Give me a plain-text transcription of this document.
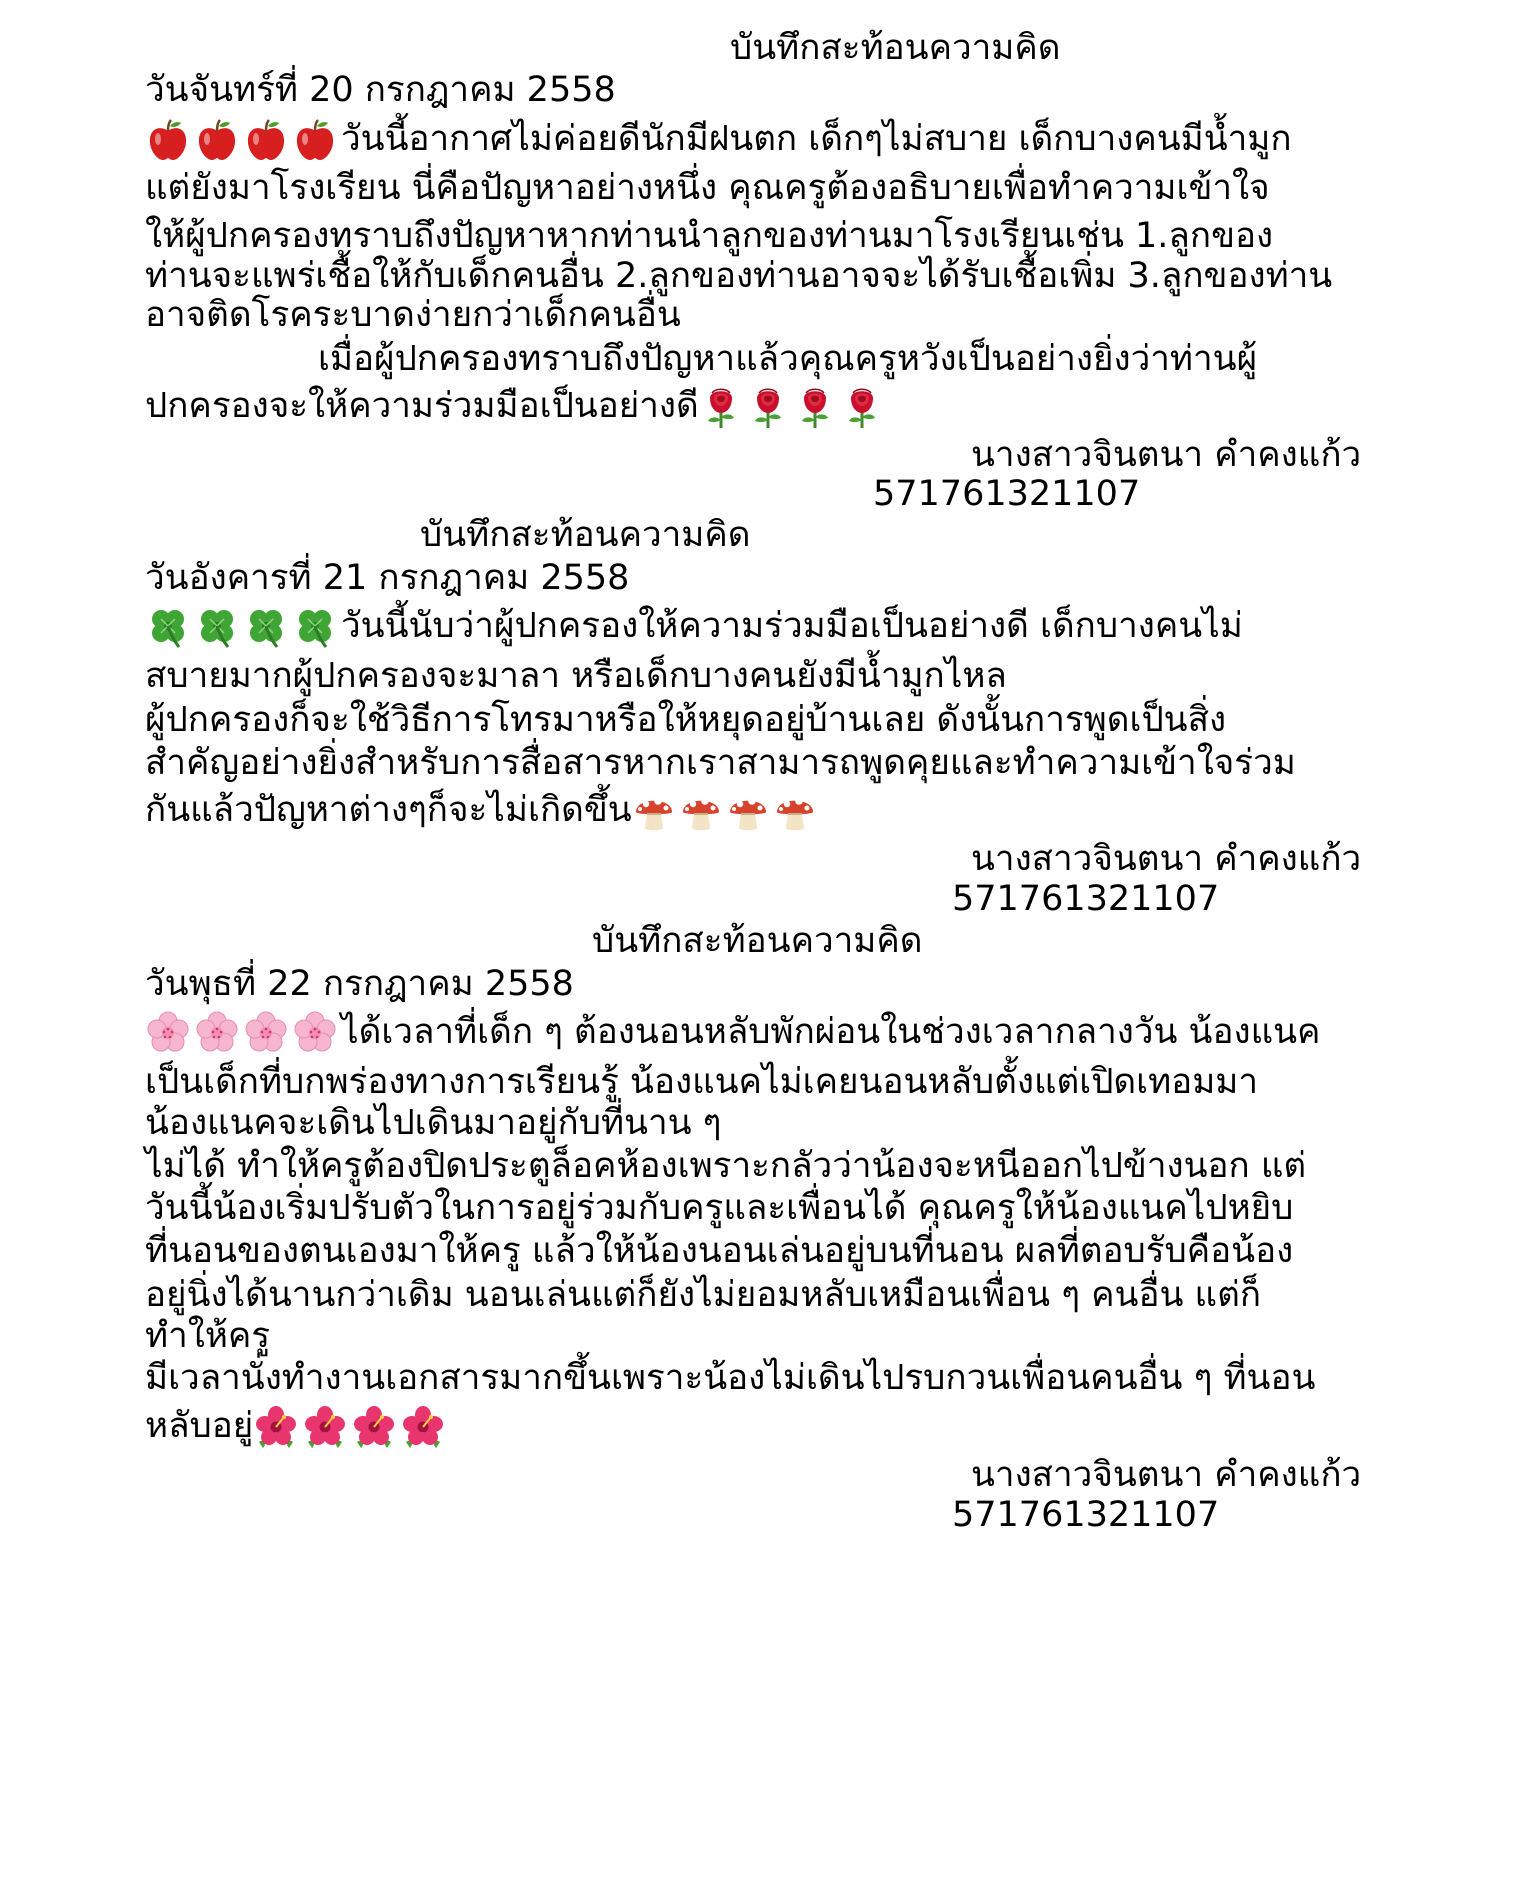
บันทึกสะท้อนความคิด
วันจันทร์ที่ 20 กรกฎาคม 2558
วันนี้อากาศไม่ค่อยดีนักมีฝนตก เด็กๆไม่สบาย เด็กบางคนมีน้ำมูก
แต่ยังมาโรงเรียน นี่คือปัญหาอย่างหนึ่ง คุณครูต้องอธิบายเพื่อทำความเข้าใจ
ให้ผู้ปกครองทราบถึงปัญหาหากท่านนำลูกของท่านมาโรงเรียนเช่น 1.ลูกของ
ท่านจะแพร่เชื้อให้กับเด็กคนอื่น 2.ลูกของท่านอาจจะได้รับเชื้อเพิ่ม 3.ลูกของท่าน
อาจติดโรคระบาดง่ายกว่าเด็กคนอื่น
เมื่อผู้ปกครองทราบถึงปัญหาแล้วคุณครูหวังเป็นอย่างยิ่งว่าท่านผู้
ปกครองจะให้ความร่วมมือเป็นอย่างดี
นางสาวจินตนา คำคงแก้ว
571761321107
บันทึกสะท้อนความคิด
วันอังคารที่ 21 กรกฎาคม 2558
วันนี้นับว่าผู้ปกครองให้ความร่วมมือเป็นอย่างดี เด็กบางคนไม่
สบายมากผู้ปกครองจะมาลา หรือเด็กบางคนยังมีน้ำมูกไหล
ผู้ปกครองก็จะใช้วิธีการโทรมาหรือให้หยุดอยู่บ้านเลย ดังนั้นการพูดเป็นสิ่ง
สำคัญอย่างยิ่งสำหรับการสื่อสารหากเราสามารถพูดคุยและทำความเข้าใจร่วม
กันแล้วปัญหาต่างๆก็จะไม่เกิดขึ้น
นางสาวจินตนา คำคงแก้ว
571761321107
บันทึกสะท้อนความคิด
วันพุธที่ 22 กรกฎาคม 2558
ได้เวลาที่เด็ก ๆ ต้องนอนหลับพักผ่อนในช่วงเวลากลางวัน น้องแนค
เป็นเด็กที่บกพร่องทางการเรียนรู้ น้องแนคไม่เคยนอนหลับตั้งแต่เปิดเทอมมา
น้องแนคจะเดินไปเดินมาอยู่กับที่นาน ๆ
ไม่ได้ ทำให้ครูต้องปิดประตูล็อคห้องเพราะกลัวว่าน้องจะหนีออกไปข้างนอก แต่
วันนี้น้องเริ่มปรับตัวในการอยู่ร่วมกับครูและเพื่อนได้ คุณครูให้น้องแนคไปหยิบ
ที่นอนของตนเองมาให้ครู แล้วให้น้องนอนเล่นอยู่บนที่นอน ผลที่ตอบรับคือน้อง
อยู่นิ่งได้นานกว่าเดิม นอนเล่นแต่ก็ยังไม่ยอมหลับเหมือนเพื่อน ๆ คนอื่น แต่ก็
ทำให้ครู
มีเวลานั่งทำงานเอกสารมากขึ้นเพราะน้องไม่เดินไปรบกวนเพื่อนคนอื่น ๆ ที่นอน
หลับอยู่
นางสาวจินตนา คำคงแก้ว
571761321107
